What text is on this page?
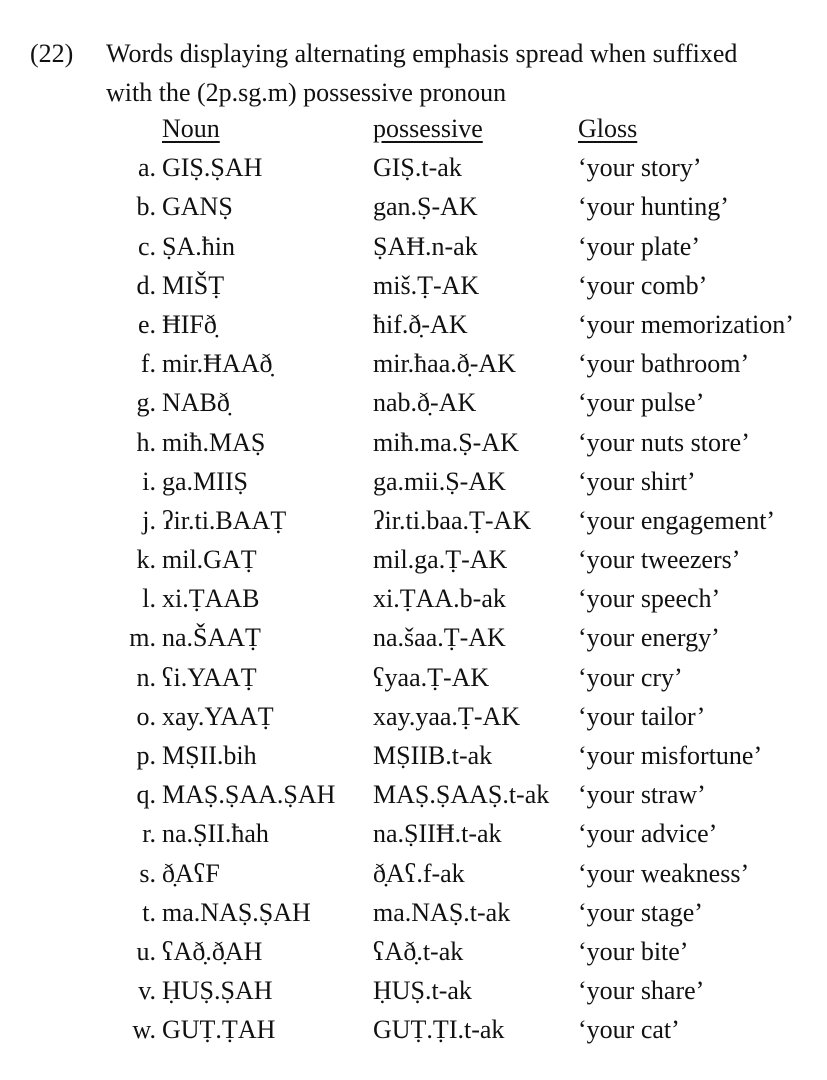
(22) Words displaying alternating emphasis spread when suffixed
with the (2p.sg.m) possessive pronoun
Noun	possessive	Gloss
a. GIṢ.ṢAH	GIṢ.t-ak	‘your story’
b. GANṢ	gan.Ṣ-AK	‘your hunting’
c. ṢA.ħin	ṢAĦ.n-ak	‘your plate’
d. MIŠṬ	miš.Ṭ-AK	‘your comb’
e. ĦIFð̣	ħif.ð̣-AK	‘your memorization’
f. mir.ĦAAð̣	mir.ħaa.ð̣-AK ‘your bathroom’
g. NABð̣	nab.ð̣-AK	‘your pulse’
h. miħ.MAṢ	miħ.ma.Ṣ-AK ‘your nuts store’
i. ga.MIIṢ	ga.mii.Ṣ-AK	‘your shirt’
j. ʔir.ti.BAAṬ	ʔir.ti.baa.Ṭ-AK ‘your engagement’
k. mil.GAṬ	mil.ga.Ṭ-AK	‘your tweezers’
l. xi.ṬAAB	xi.ṬAA.b-ak	‘your speech’
m. na.ŠAAṬ	na.šaa.Ṭ-AK	‘your energy’
n. ʕi.YAAṬ	ʕyaa.Ṭ-AK	‘your cry’
o. xay.YAAṬ	xay.yaa.Ṭ-AK ‘your tailor’
p. MṢII.bih	MṢIIB.t-ak	‘your misfortune’
q. MAṢ.ṢAA.ṢAH MAṢ.ṢAAṢ.t-ak ‘your straw’
r. na.ṢII.ħah	na.ṢIIĦ.t-ak	‘your advice’
s. ð̣AʕF	ð̣Aʕ.f-ak	‘your weakness’
t. ma.NAṢ.ṢAH ma.NAṢ.t-ak	‘your stage’
u. ʕAð̣.ð̣AH	ʕAð̣.t-ak	‘your bite’
v. ḤUṢ.ṢAH	ḤUṢ.t-ak	‘your share’
w. GUṬ.ṬAH	GUṬ.ṬI.t-ak	‘your cat’
